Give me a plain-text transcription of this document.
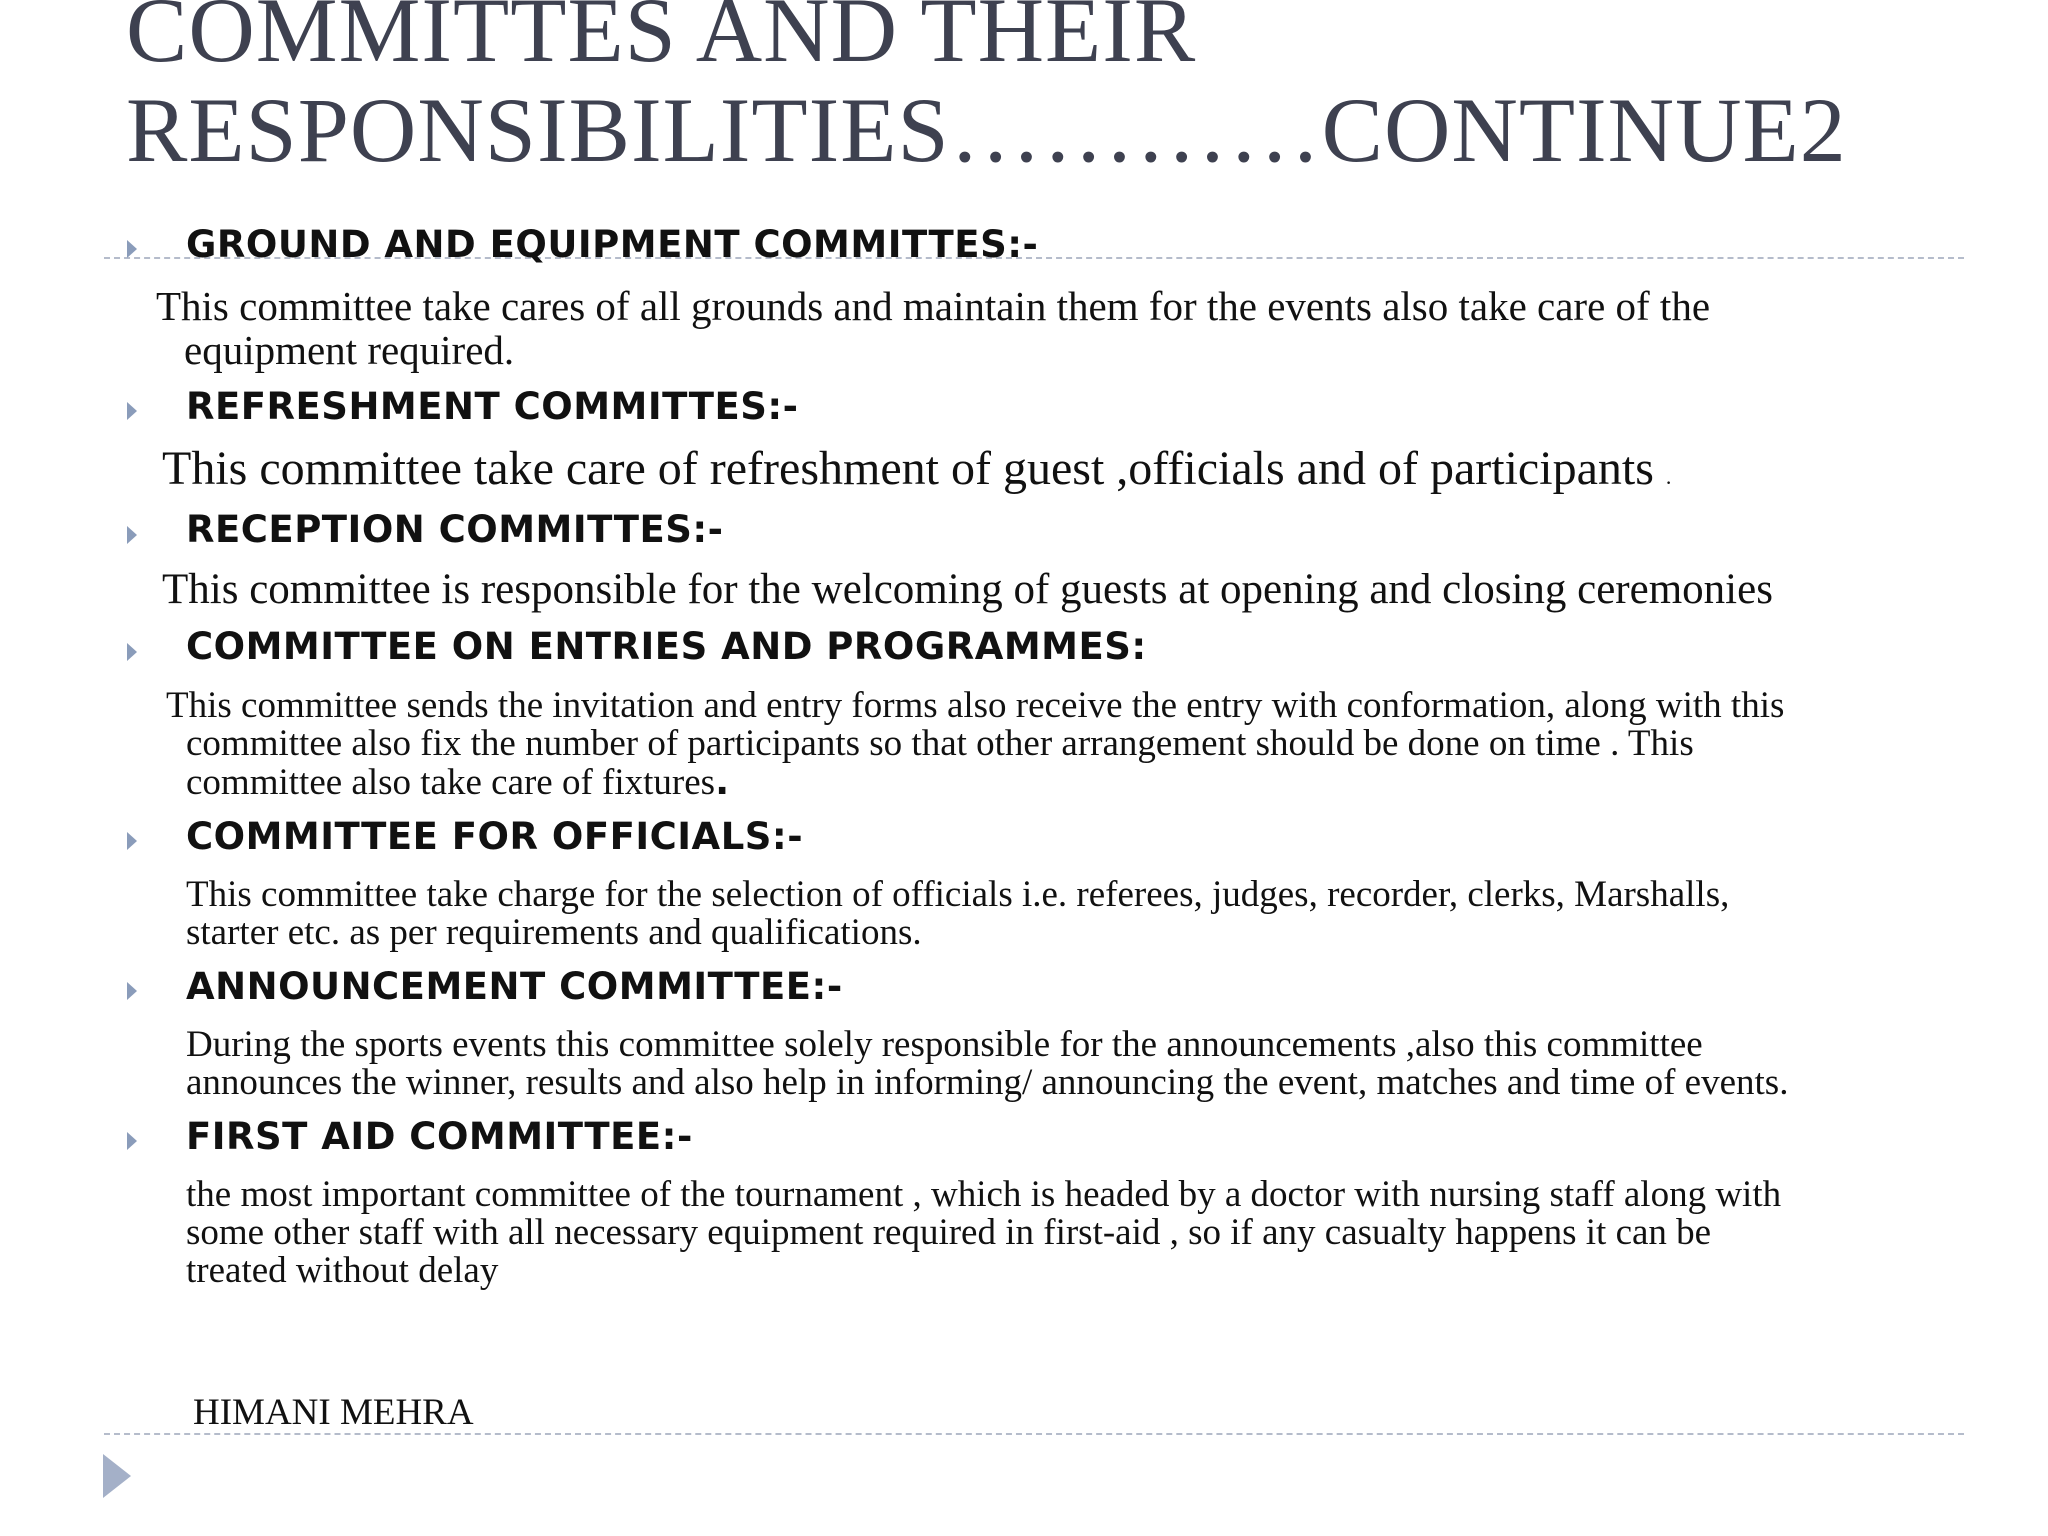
COMMITTES AND THEIR
RESPONSIBILITIES…………CONTINUE2
GROUND AND EQUIPMENT COMMITTES:-
This committee take cares of all grounds and maintain them for the events also take care of the
equipment required.
REFRESHMENT COMMITTES:-
This committee take care of refreshment of guest ,officials and of participants .
RECEPTION COMMITTES:-
This committee is responsible for the welcoming of guests at opening and closing ceremonies
COMMITTEE ON ENTRIES AND PROGRAMMES:
This committee sends the invitation and entry forms also receive the entry with conformation, along with this
committee also fix the number of participants so that other arrangement should be done on time . This
committee also take care of fixtures.
COMMITTEE FOR OFFICIALS:-
This committee take charge for the selection of officials i.e. referees, judges, recorder, clerks, Marshalls,
starter etc. as per requirements and qualifications.
ANNOUNCEMENT COMMITTEE:-
During the sports events this committee solely responsible for the announcements ,also this committee
announces the winner, results and also help in informing/ announcing the event, matches and time of events.
FIRST AID COMMITTEE:-
the most important committee of the tournament , which is headed by a doctor with nursing staff along with
some other staff with all necessary equipment required in first-aid , so if any casualty happens it can be
treated without delay
HIMANI MEHRA
